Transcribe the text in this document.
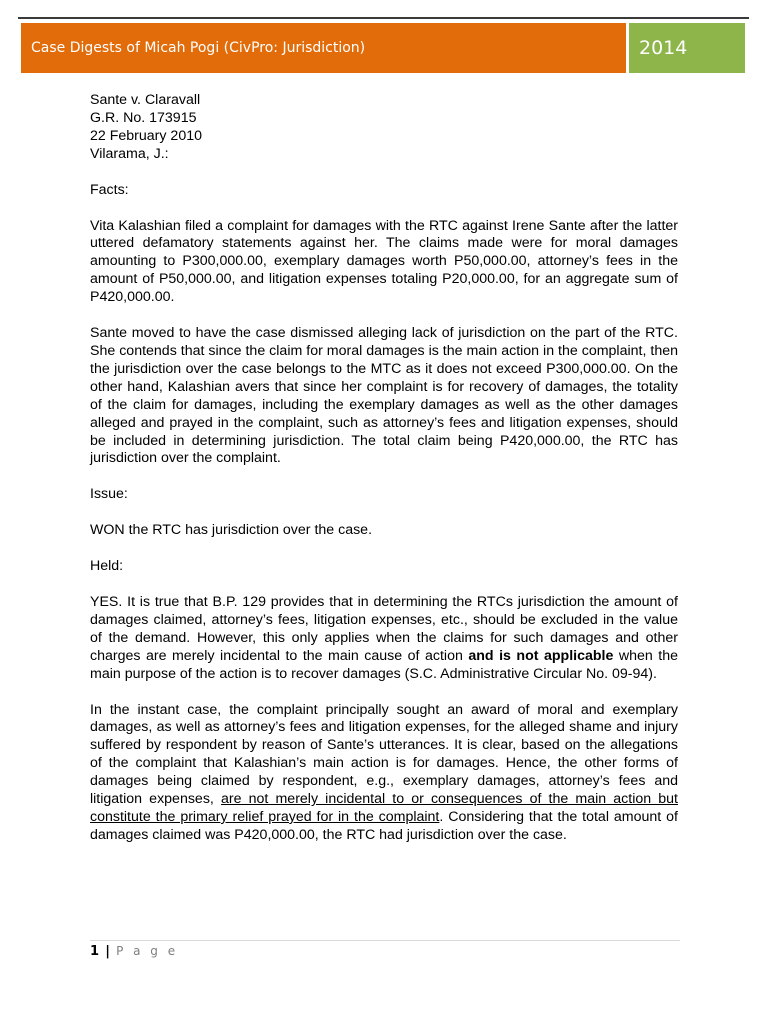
Case Digests of Micah Pogi (CivPro: Jurisdiction)	2014
Sante v. Claravall
G.R. No. 173915
22 February 2010
Vilarama, J.:

Facts:

Vita Kalashian filed a complaint for damages with the RTC against Irene Sante after the latter uttered defamatory statements against her. The claims made were for moral damages amounting to P300,000.00, exemplary damages worth P50,000.00, attorney’s fees in the amount of P50,000.00, and litigation expenses totaling P20,000.00, for an aggregate sum of P420,000.00.

Sante moved to have the case dismissed alleging lack of jurisdiction on the part of the RTC. She contends that since the claim for moral damages is the main action in the complaint, then the jurisdiction over the case belongs to the MTC as it does not exceed P300,000.00. On the other hand, Kalashian avers that since her complaint is for recovery of damages, the totality of the claim for damages, including the exemplary damages as well as the other damages alleged and prayed in the complaint, such as attorney’s fees and litigation expenses, should be included in determining jurisdiction. The total claim being P420,000.00, the RTC has jurisdiction over the complaint.

Issue:

WON the RTC has jurisdiction over the case.

Held:

YES. It is true that B.P. 129 provides that in determining the RTCs jurisdiction the amount of damages claimed, attorney’s fees, litigation expenses, etc., should be excluded in the value of the demand. However, this only applies when the claims for such damages and other charges are merely incidental to the main cause of action and is not applicable when the main purpose of the action is to recover damages (S.C. Administrative Circular No. 09-94).

In the instant case, the complaint principally sought an award of moral and exemplary damages, as well as attorney’s fees and litigation expenses, for the alleged shame and injury suffered by respondent by reason of Sante’s utterances. It is clear, based on the allegations of the complaint that Kalashian’s main action is for damages. Hence, the other forms of damages being claimed by respondent, e.g., exemplary damages, attorney’s fees and litigation expenses, are not merely incidental to or consequences of the main action but constitute the primary relief prayed for in the complaint. Considering that the total amount of damages claimed was P420,000.00, the RTC had jurisdiction over the case.

1 | P a g e
